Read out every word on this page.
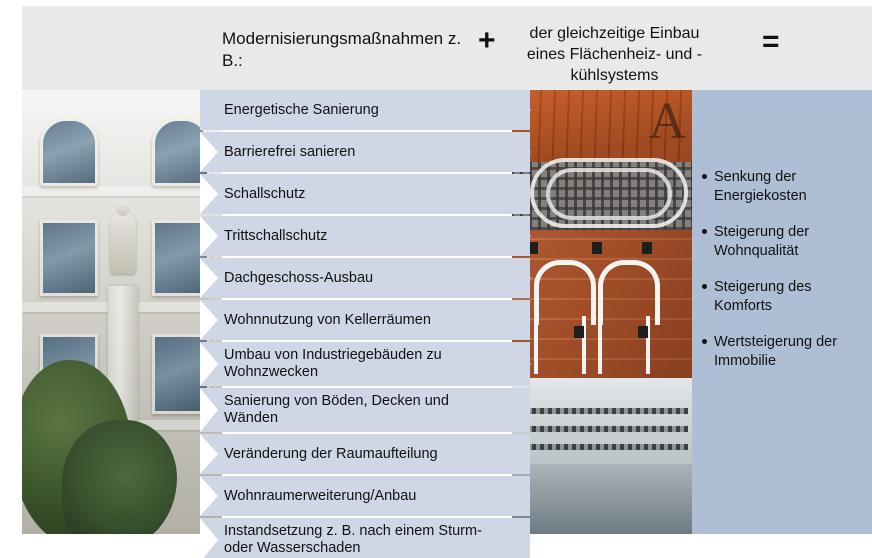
Modernisierungsmaßnahmen z. B.:
+	der gleichzeitige Einbau eines Flächenheiz- und -kühlsystems
=
A
Senkung der Energiekosten
Steigerung der Wohnqualität
Steigerung des Komforts
Wertsteigerung der Immobilie
Energetische Sanierung
Barrierefrei sanieren
Schallschutz
Trittschallschutz
Dachgeschoss-Ausbau
Wohnnutzung von Kellerräumen
Umbau von Industriegebäuden zu Wohnzwecken
Sanierung von Böden, Decken und Wänden
Veränderung der Raumaufteilung
Wohnraumerweiterung/Anbau
Instandsetzung z. B. nach einem Sturm- oder Wasserschaden
